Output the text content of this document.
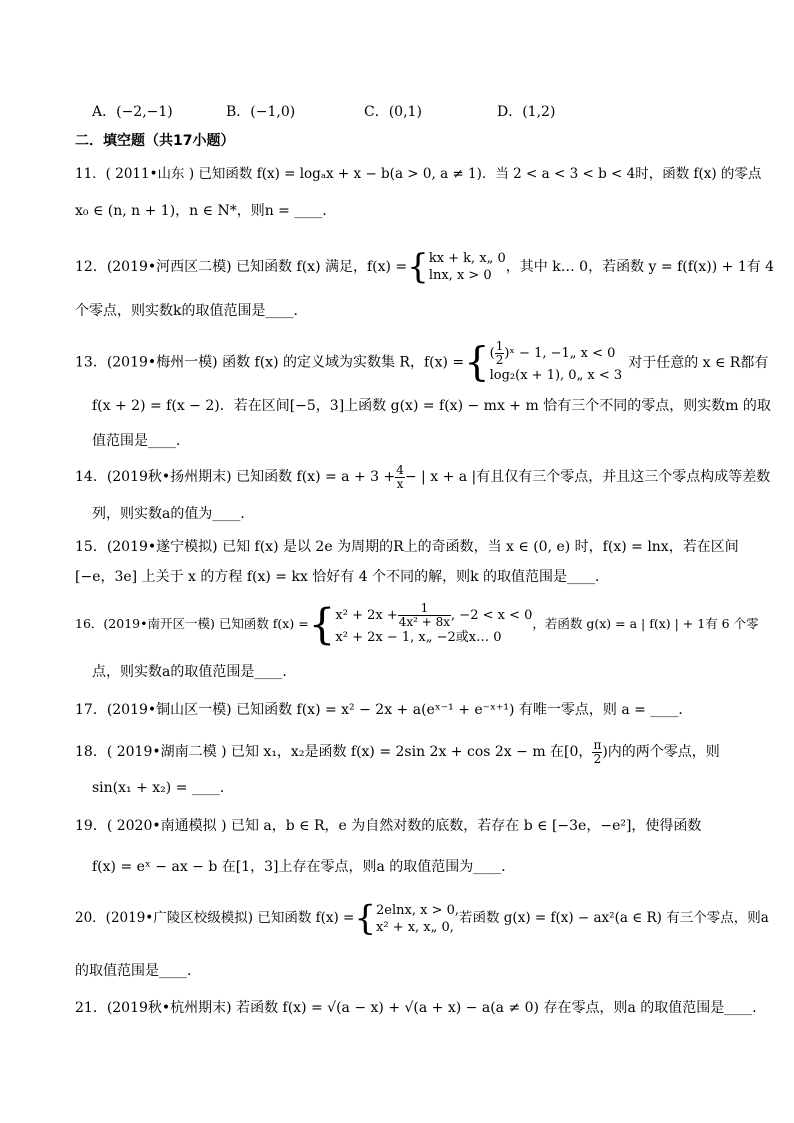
A．(−2,−1)	B．(−1,0)	C．(0,1)	D．(1,2)
二．填空题（共17小题）
11．( 2011•山东 ) 已知函数 f(x) = logₐx + x − b(a > 0, a ≠ 1)．当 2 < a < 3 < b < 4时，函数 f(x) 的零点
x₀ ∈ (n, n + 1)，n ∈ N*，则n = ____．
12．(2019•河西区二模) 已知函数 f(x) 满足，f(x) ={ kx + k, x„ 0
lnx, x > 0
，其中 k… 0，若函数 y = f(f(x)) + 1有 4
个零点，则实数k的取值范围是____．
13．(2019•梅州一模) 函数 f(x) 的定义域为实数集 R，f(x) ={ ( $\frac{1}{2}$ )ˣ − 1, −1„ x < 0
log₂(x + 1), 0„ x < 3
对于任意的 x ∈ R都有
f(x + 2) = f(x − 2)．若在区间[−5，3]上函数 g(x) = f(x) − mx + m 恰有三个不同的零点，则实数m 的取
值范围是____．
14．(2019秋•扬州期末) 已知函数 $f(x) = a + 3 + \frac{4}{x}$ − | x + a |有且仅有三个零点，并且这三个零点构成等差数
列，则实数a的值为____．
15．(2019•遂宁模拟) 已知 f(x) 是以 2e 为周期的R上的奇函数，当 x ∈ (0, e) 时，f(x) = lnx，若在区间
[−e，3e] 上关于 x 的方程 f(x) = kx 恰好有 4 个不同的解，则k 的取值范围是____．
16．(2019•南开区一模) 已知函数 f(x) ={ $x^2 + 2x + \frac{1}{\text{4x² + 8x}}$ , −2 < x < 0
x² + 2x − 1, x„ −2或x… 0
，若函数 g(x) = a | f(x) | + 1有 6 个零
点，则实数a的取值范围是____．
17．(2019•铜山区一模) 已知函数 f(x) = x² − 2x + a(eˣ⁻¹ + e⁻ˣ⁺¹) 有唯一零点，则 a = ____．
18．( 2019•湖南二模 ) 已知 x₁，x₂是函数 f(x) = 2sin 2x + cos 2x − m 在[0， $\frac{\pi}{2}$ )内的两个零点，则
sin(x₁ + x₂) = ____．
19．( 2020•南通模拟 ) 已知 a，b ∈ R，e 为自然对数的底数，若存在 b ∈ [−3e，−e²]，使得函数
f(x) = eˣ − ax − b 在[1，3]上存在零点，则a 的取值范围为____．
20．(2019•广陵区校级模拟) 已知函数 f(x) ={ 2elnx, x > 0,
x² + x, x„ 0,
若函数 g(x) = f(x) − ax²(a ∈ R) 有三个零点，则a
的取值范围是____．
21．(2019秋•杭州期末) 若函数 f(x) = √(a − x) + √(a + x) − a(a ≠ 0) 存在零点，则a 的取值范围是____．
